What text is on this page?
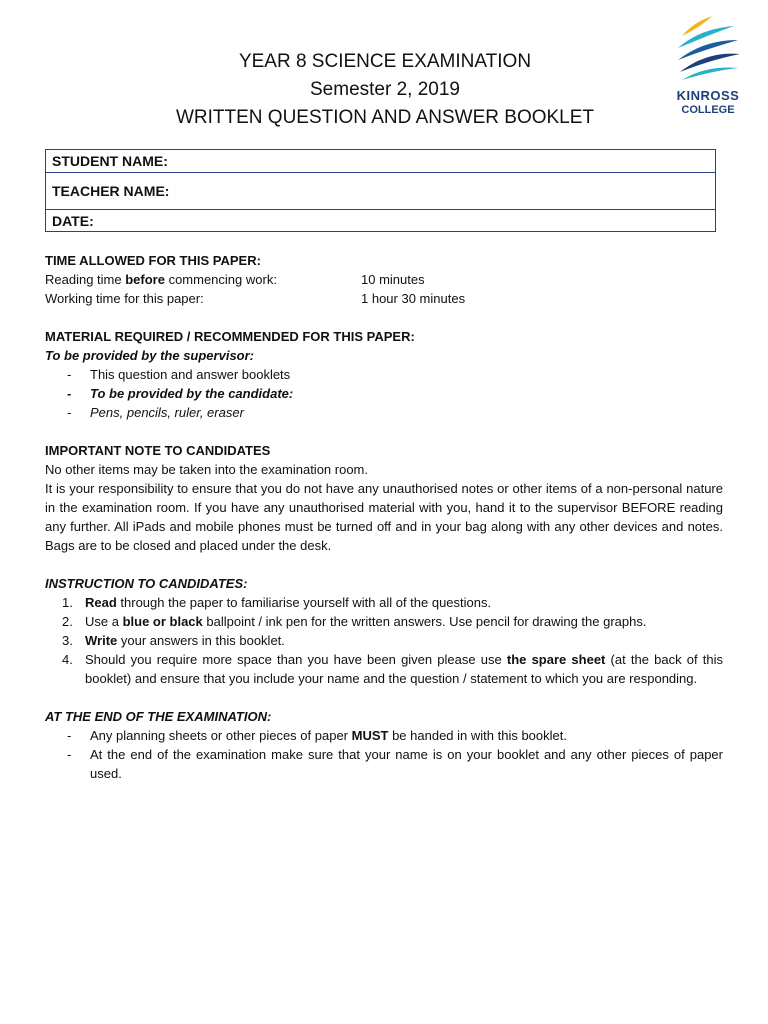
YEAR 8 SCIENCE EXAMINATION
Semester 2, 2019
WRITTEN QUESTION AND ANSWER BOOKLET
KINROSS
COLLEGE
STUDENT NAME:
TEACHER NAME:
DATE:
TIME ALLOWED FOR THIS PAPER:
Reading time before commencing work:	10 minutes
Working time for this paper:	1 hour 30 minutes
MATERIAL REQUIRED / RECOMMENDED FOR THIS PAPER:
To be provided by the supervisor:
- This question and answer booklets
- To be provided by the candidate:
- Pens, pencils, ruler, eraser
IMPORTANT NOTE TO CANDIDATES
No other items may be taken into the examination room.
It is your responsibility to ensure that you do not have any unauthorised notes or other items of a non-personal nature in the examination room. If you have any unauthorised material with you, hand it to the supervisor BEFORE reading any further. All iPads and mobile phones must be turned off and in your bag along with any other devices and notes. Bags are to be closed and placed under the desk.
INSTRUCTION TO CANDIDATES:
1. Read through the paper to familiarise yourself with all of the questions.
2. Use a blue or black ballpoint / ink pen for the written answers. Use pencil for drawing the graphs.
3. Write your answers in this booklet.
4. Should you require more space than you have been given please use the spare sheet (at the back of this booklet) and ensure that you include your name and the question / statement to which you are responding.
AT THE END OF THE EXAMINATION:
- Any planning sheets or other pieces of paper MUST be handed in with this booklet.
- At the end of the examination make sure that your name is on your booklet and any other pieces of paper used.
